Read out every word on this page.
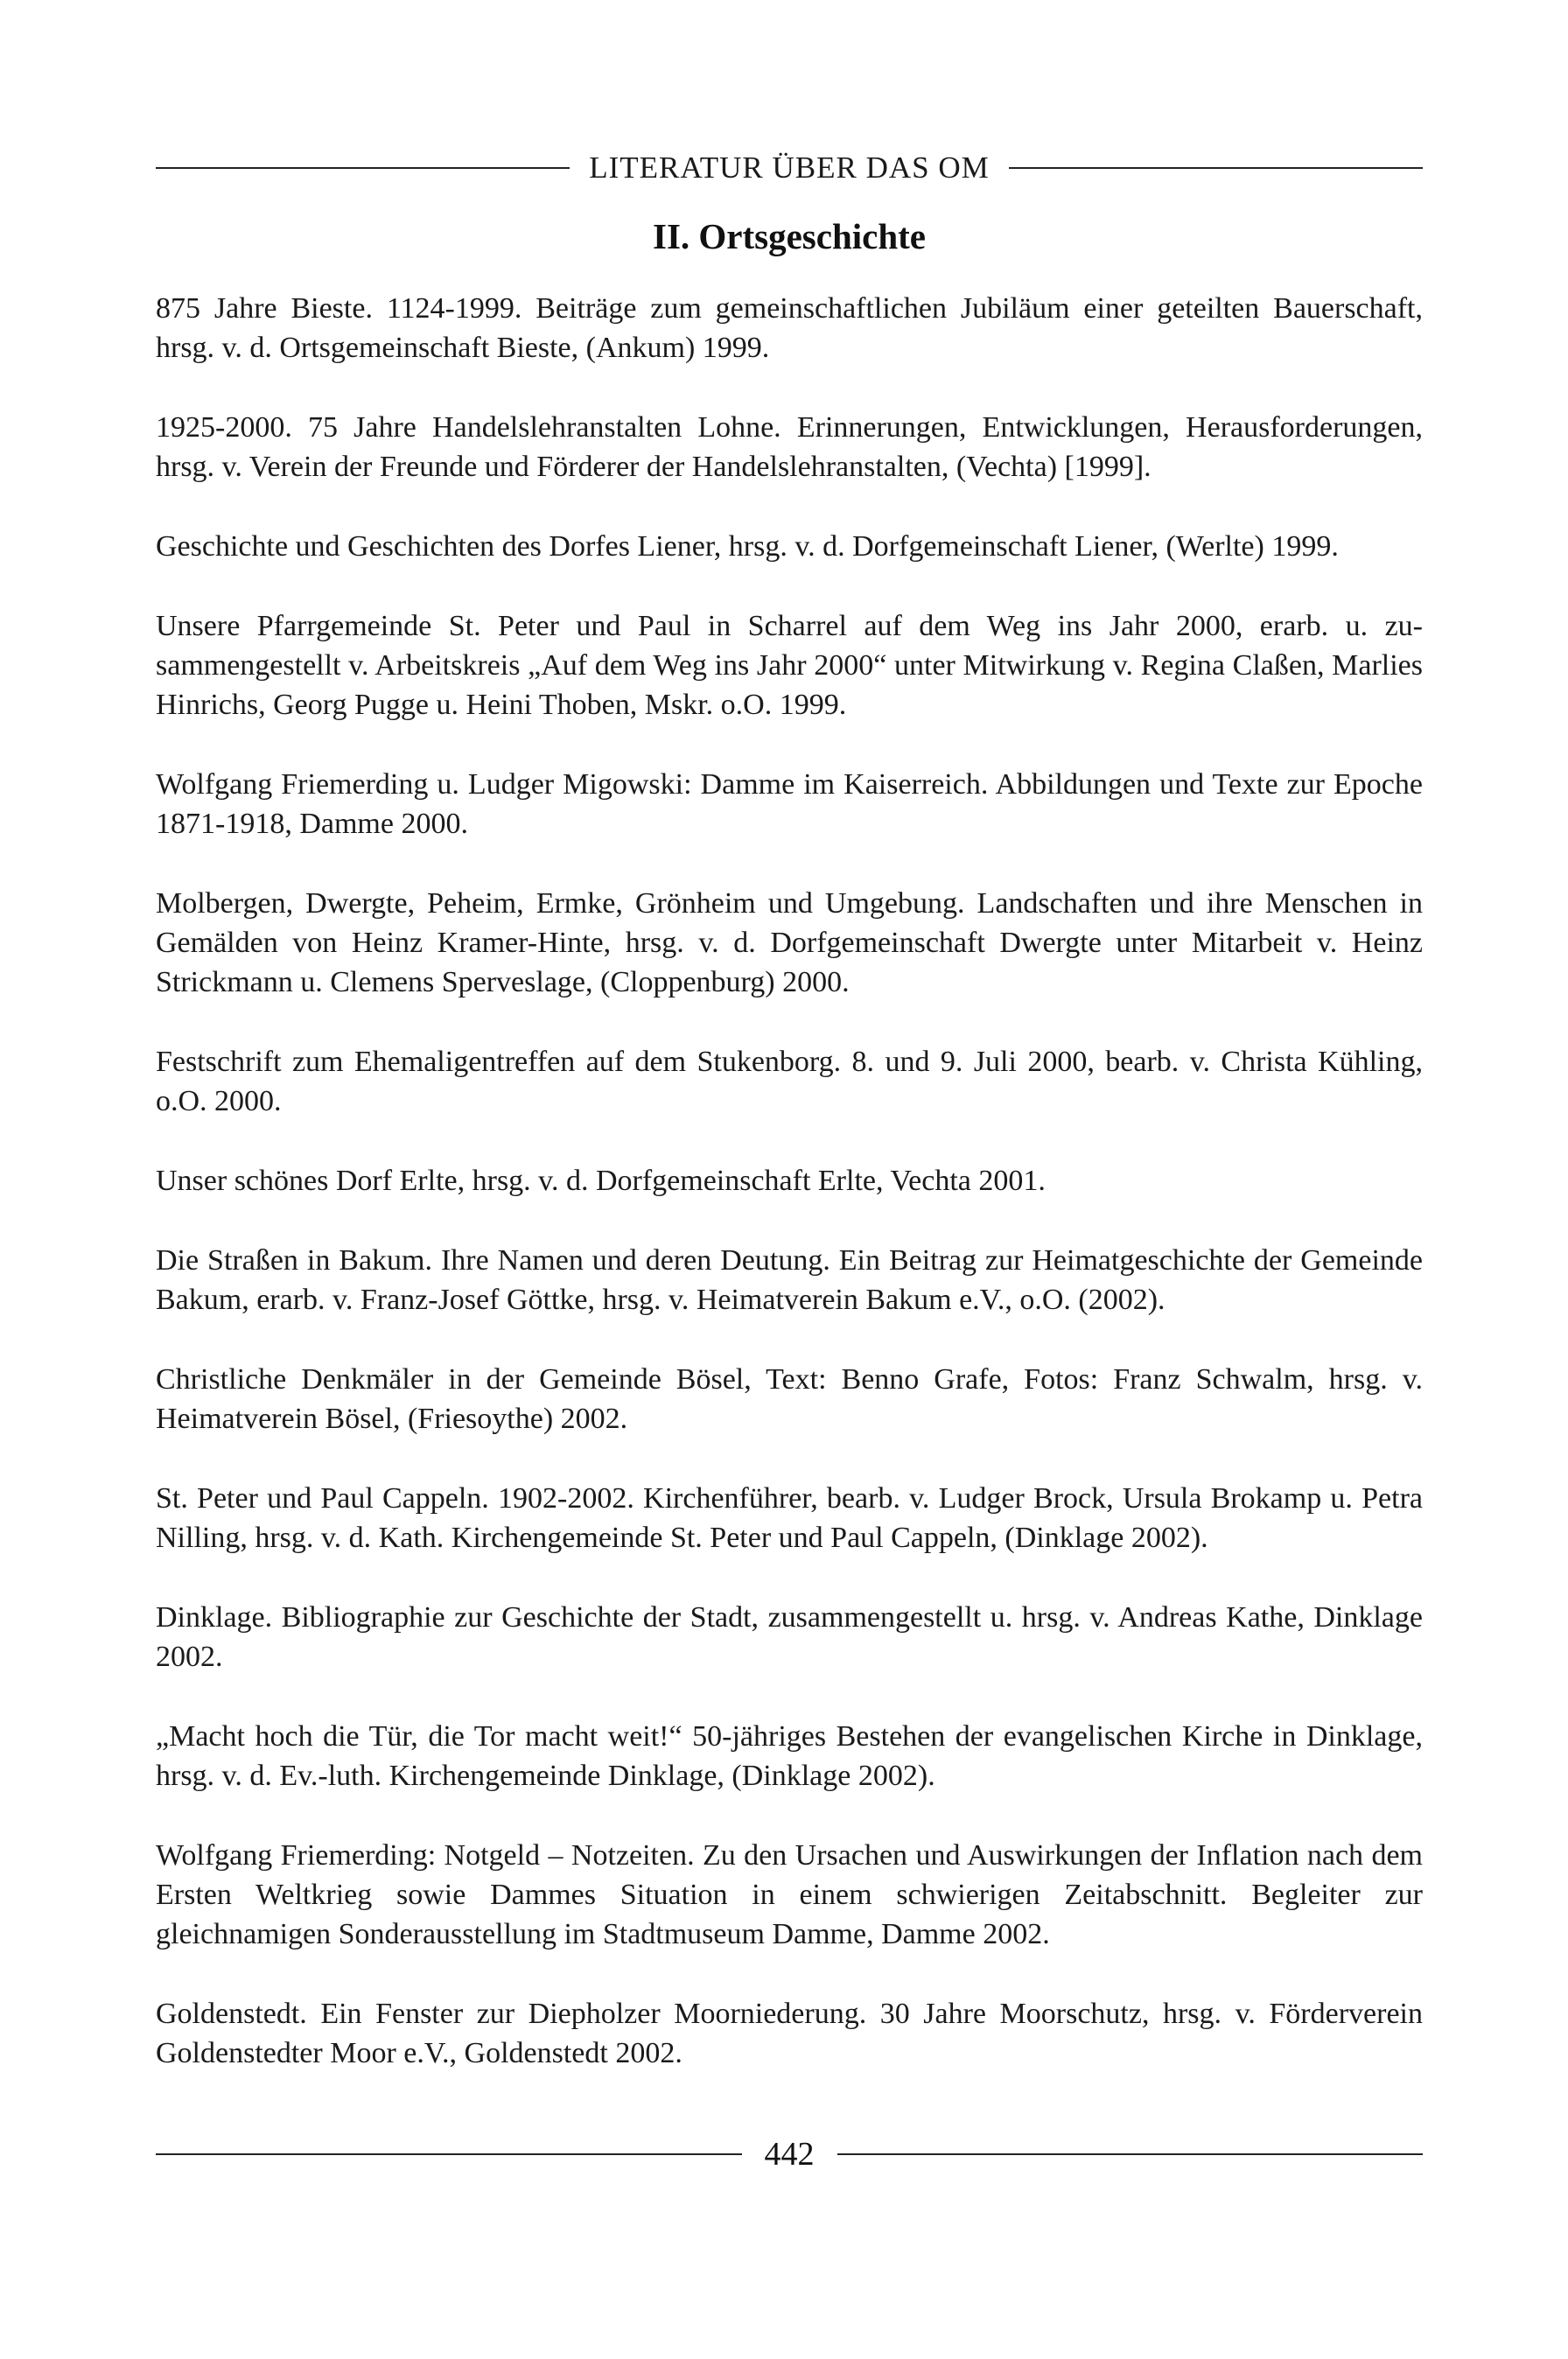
LITERATUR ÜBER DAS OM
II. Ortsgeschichte

875 Jahre Bieste. 1124-1999. Beiträge zum gemeinschaftlichen Jubiläum einer geteilten Bauerschaft, hrsg. v. d. Ortsgemeinschaft Bieste, (Ankum) 1999.

1925-2000. 75 Jahre Handelslehranstalten Lohne. Erinnerungen, Entwicklungen, Herausforderungen, hrsg. v. Verein der Freunde und Förderer der Handelslehranstalten, (Vechta) [1999].

Geschichte und Geschichten des Dorfes Liener, hrsg. v. d. Dorfgemeinschaft Liener, (Werlte) 1999.

Unsere Pfarrgemeinde St. Peter und Paul in Scharrel auf dem Weg ins Jahr 2000, erarb. u. zusammengestellt v. Arbeitskreis „Auf dem Weg ins Jahr 2000“ unter Mitwirkung v. Regina Claßen, Marlies Hinrichs, Georg Pugge u. Heini Thoben, Mskr. o.O. 1999.

Wolfgang Friemerding u. Ludger Migowski: Damme im Kaiserreich. Abbildungen und Texte zur Epoche 1871-1918, Damme 2000.

Molbergen, Dwergte, Peheim, Ermke, Grönheim und Umgebung. Landschaften und ihre Menschen in Gemälden von Heinz Kramer-Hinte, hrsg. v. d. Dorfgemeinschaft Dwergte unter Mitarbeit v. Heinz Strickmann u. Clemens Sperveslage, (Cloppenburg) 2000.

Festschrift zum Ehemaligentreffen auf dem Stukenborg. 8. und 9. Juli 2000, bearb. v. Christa Kühling, o.O. 2000.

Unser schönes Dorf Erlte, hrsg. v. d. Dorfgemeinschaft Erlte, Vechta 2001.

Die Straßen in Bakum. Ihre Namen und deren Deutung. Ein Beitrag zur Heimatgeschichte der Gemeinde Bakum, erarb. v. Franz-Josef Göttke, hrsg. v. Heimatverein Bakum e.V., o.O. (2002).

Christliche Denkmäler in der Gemeinde Bösel, Text: Benno Grafe, Fotos: Franz Schwalm, hrsg. v. Heimatverein Bösel, (Friesoythe) 2002.

St. Peter und Paul Cappeln. 1902-2002. Kirchenführer, bearb. v. Ludger Brock, Ursula Brokamp u. Petra Nilling, hrsg. v. d. Kath. Kirchengemeinde St. Peter und Paul Cappeln, (Dinklage 2002).

Dinklage. Bibliographie zur Geschichte der Stadt, zusammengestellt u. hrsg. v. Andreas Kathe, Dinklage 2002.

„Macht hoch die Tür, die Tor macht weit!“ 50-jähriges Bestehen der evangelischen Kirche in Dinklage, hrsg. v. d. Ev.-luth. Kirchengemeinde Dinklage, (Dinklage 2002).

Wolfgang Friemerding: Notgeld – Notzeiten. Zu den Ursachen und Auswirkungen der Inflation nach dem Ersten Weltkrieg sowie Dammes Situation in einem schwierigen Zeitabschnitt. Begleiter zur gleichnamigen Sonderausstellung im Stadtmuseum Damme, Damme 2002.

Goldenstedt. Ein Fenster zur Diepholzer Moorniederung. 30 Jahre Moorschutz, hrsg. v. Förderverein Goldenstedter Moor e.V., Goldenstedt 2002.

442
